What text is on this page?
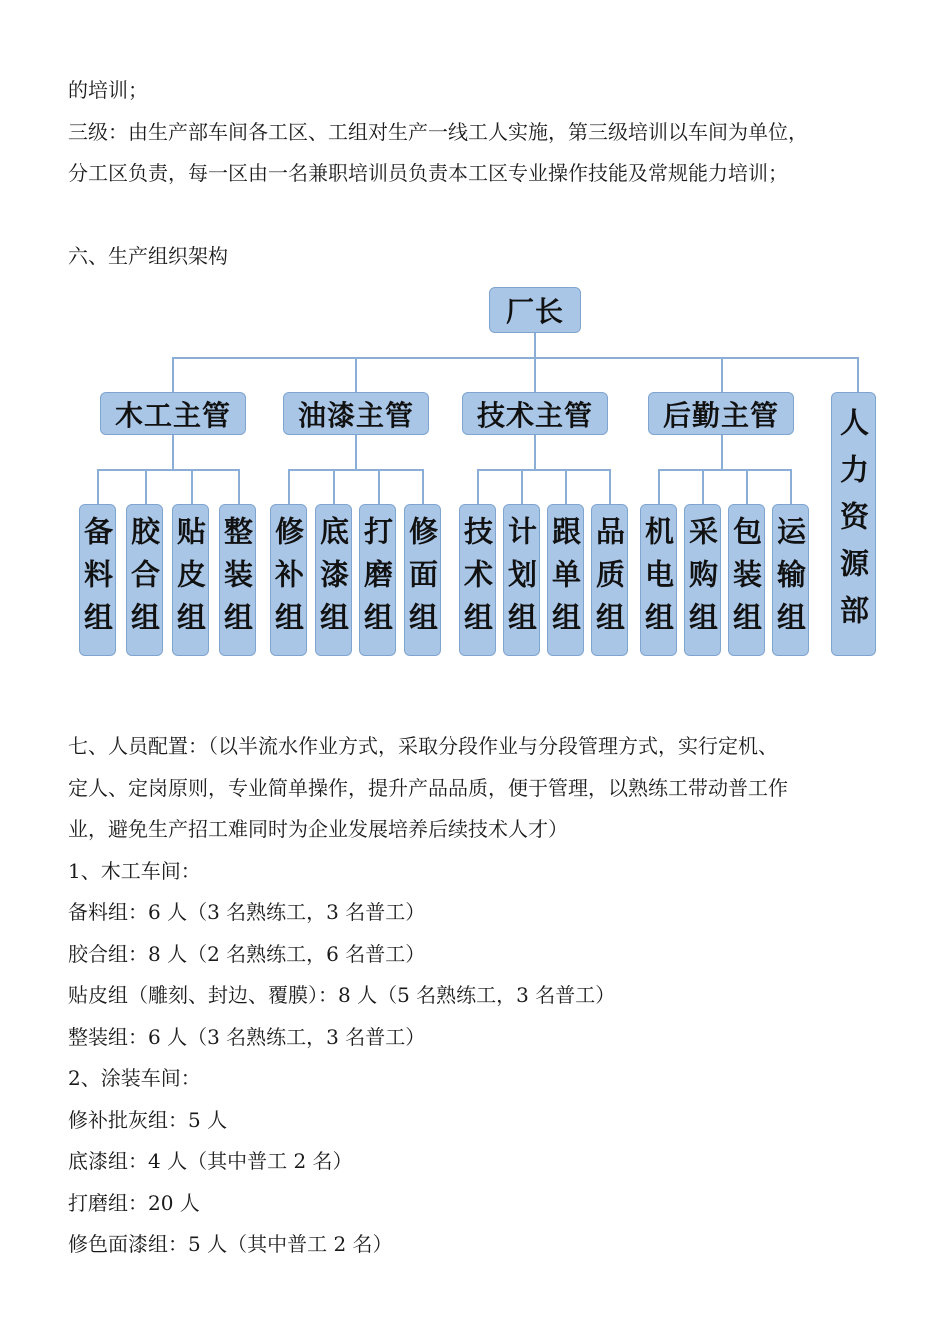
的培训；
三级：由生产部车间各工区、工组对生产一线工人实施，第三级培训以车间为单位，
分工区负责，每一区由一名兼职培训员负责本工区专业操作技能及常规能力培训；
六、生产组织架构
厂长
木工主管	油漆主管	技术主管	后勤主管	人力资源部
备料组 胶合组 贴皮组 整装组 修补组 底漆组 打磨组 修面组 技术组 计划组 跟单组 品质组 机电组 采购组 包装组 运输组
七、人员配置：（以半流水作业方式，采取分段作业与分段管理方式，实行定机、
定人、定岗原则，专业简单操作，提升产品品质，便于管理，以熟练工带动普工作
业，避免生产招工难同时为企业发展培养后续技术人才）
1、木工车间：
备料组：6 人（3 名熟练工，3 名普工）
胶合组：8 人（2 名熟练工，6 名普工）
贴皮组（雕刻、封边、覆膜）：8 人（5 名熟练工，3 名普工）
整装组：6 人（3 名熟练工，3 名普工）
2、涂装车间：
修补批灰组：5 人
底漆组：4 人（其中普工 2 名）
打磨组：20 人
修色面漆组：5 人（其中普工 2 名）
